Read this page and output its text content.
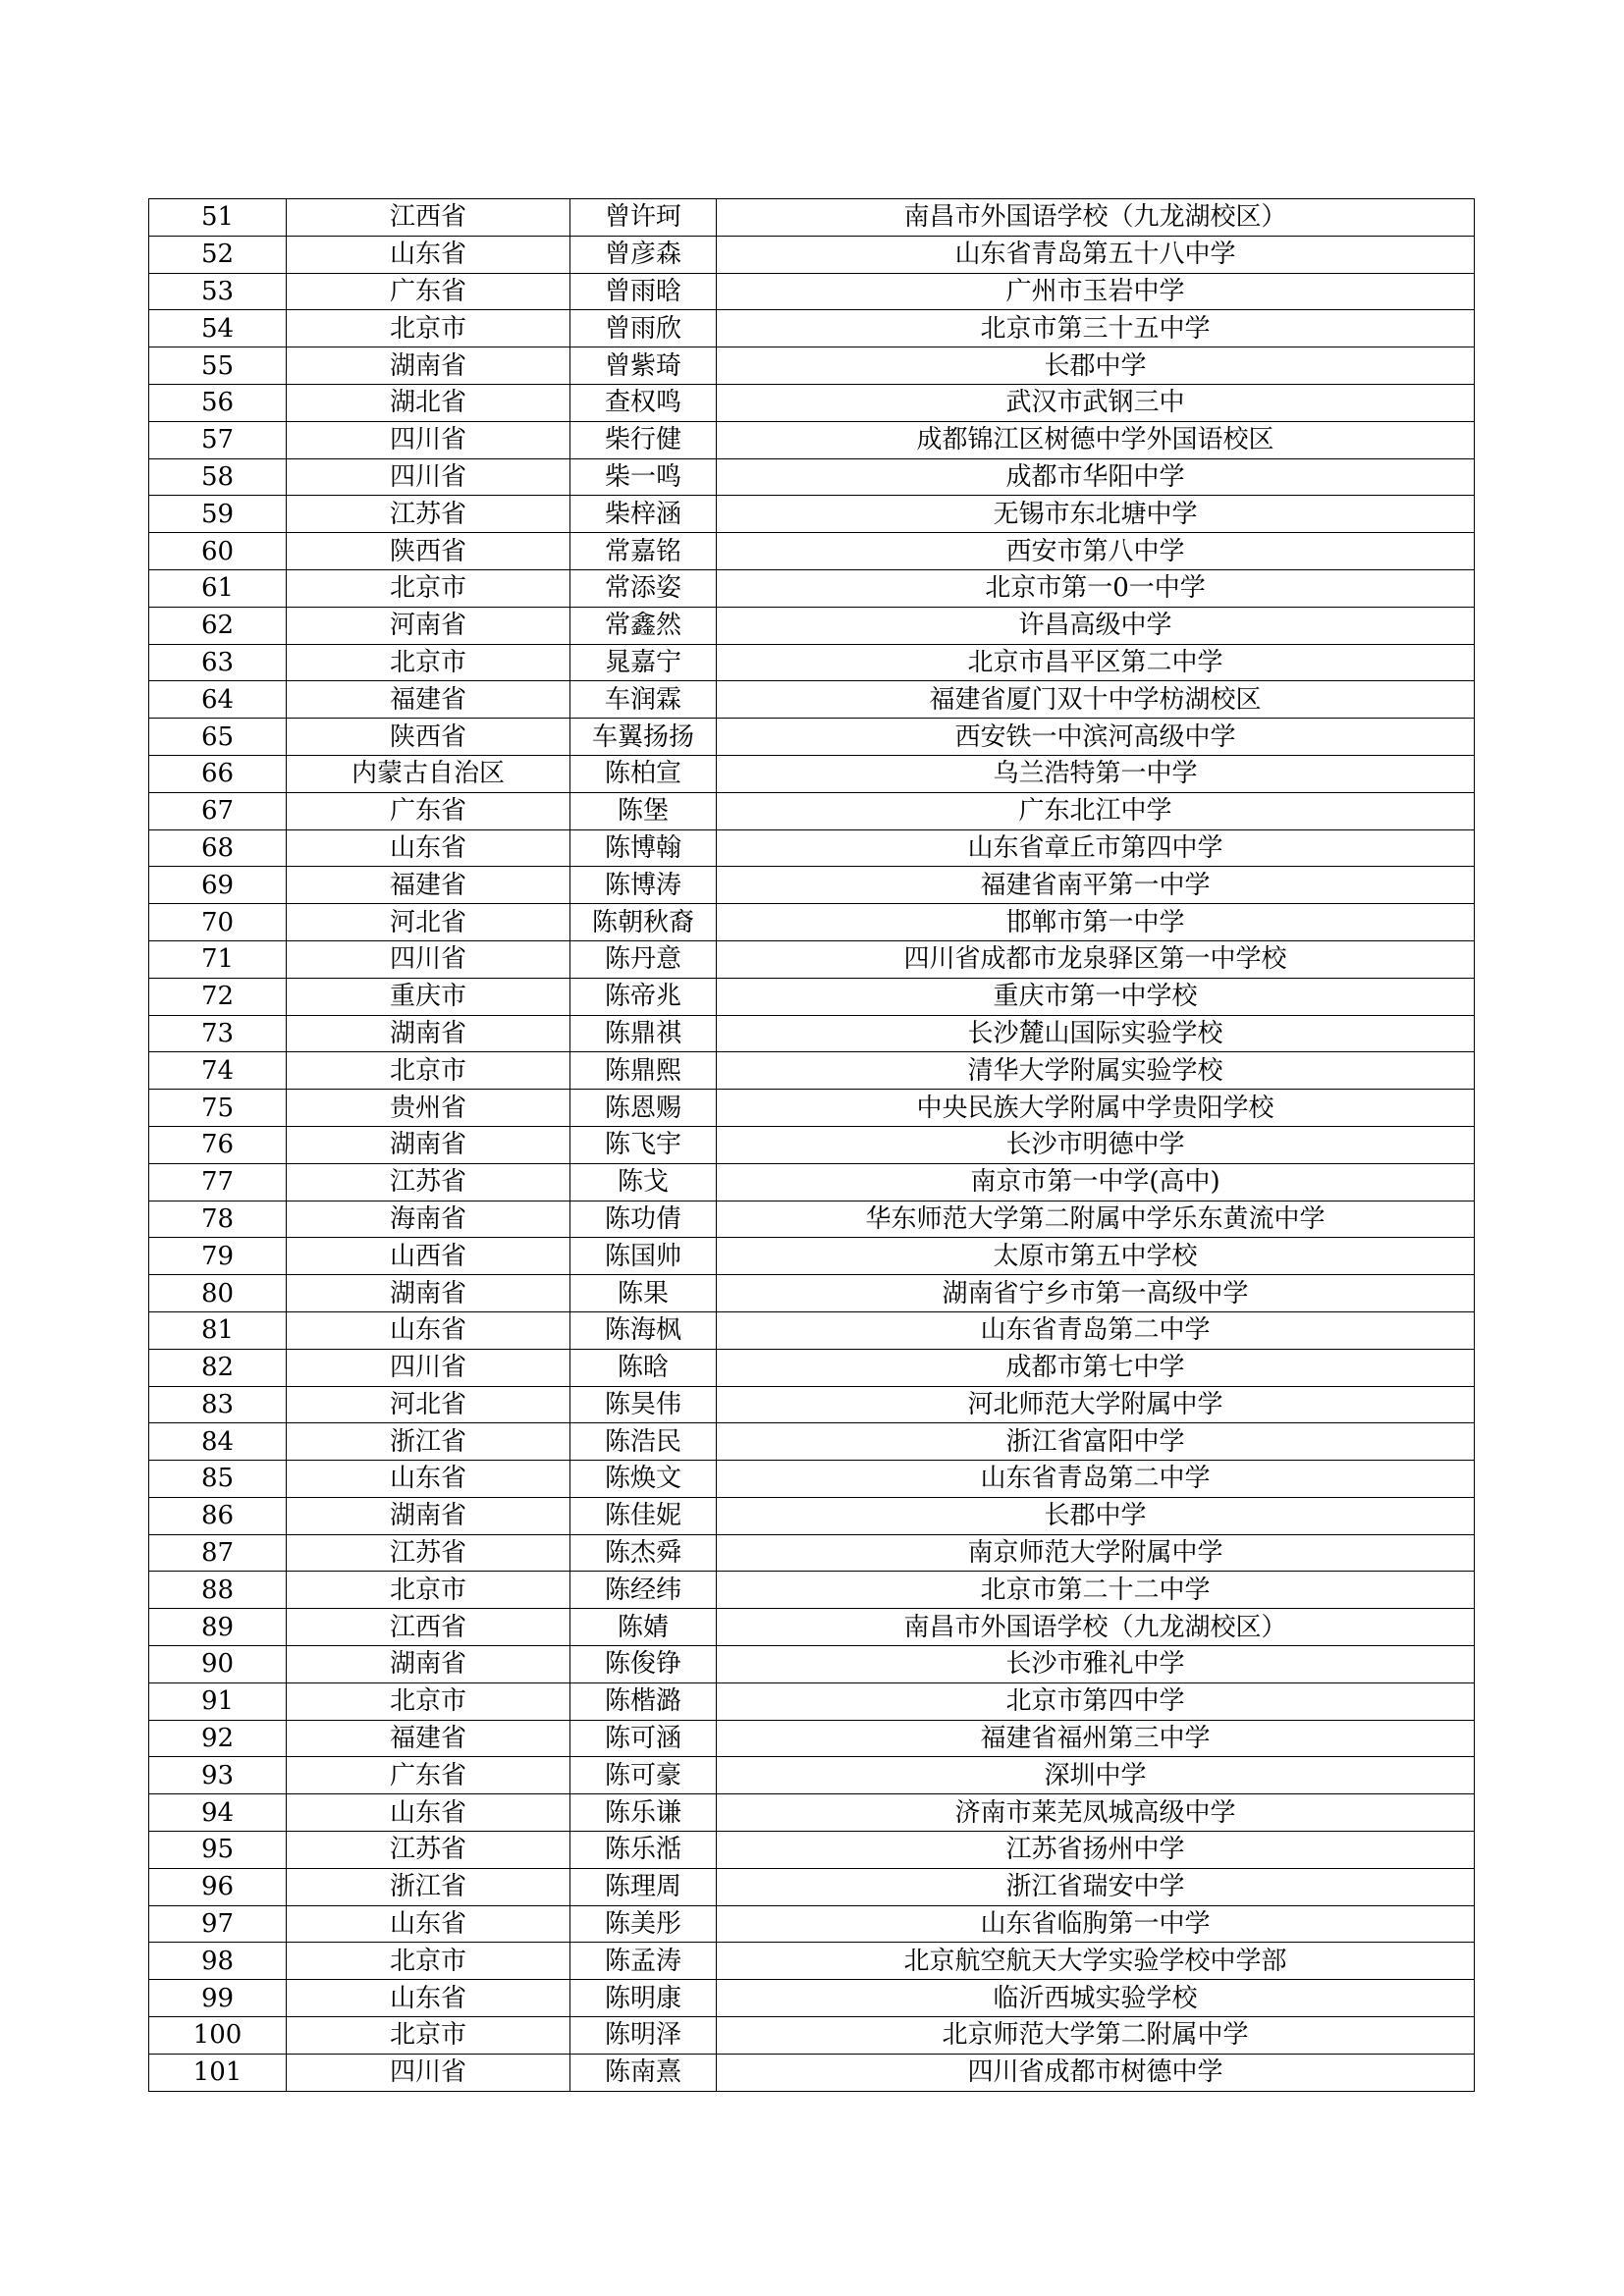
51	江西省	曾许珂	南昌市外国语学校（九龙湖校区）
52	山东省	曾彦森	山东省青岛第五十八中学
53	广东省	曾雨晗	广州市玉岩中学
54	北京市	曾雨欣	北京市第三十五中学
55	湖南省	曾紫琦	长郡中学
56	湖北省	查权鸣	武汉市武钢三中
57	四川省	柴行健	成都锦江区树德中学外国语校区
58	四川省	柴一鸣	成都市华阳中学
59	江苏省	柴梓涵	无锡市东北塘中学
60	陕西省	常嘉铭	西安市第八中学
61	北京市	常添姿	北京市第一0一中学
62	河南省	常鑫然	许昌高级中学
63	北京市	晁嘉宁	北京市昌平区第二中学
64	福建省	车润霖	福建省厦门双十中学枋湖校区
65	陕西省	车翼扬扬	西安铁一中滨河高级中学
66	内蒙古自治区	陈柏宣	乌兰浩特第一中学
67	广东省	陈堡	广东北江中学
68	山东省	陈博翰	山东省章丘市第四中学
69	福建省	陈博涛	福建省南平第一中学
70	河北省	陈朝秋裔	邯郸市第一中学
71	四川省	陈丹意	四川省成都市龙泉驿区第一中学校
72	重庆市	陈帝兆	重庆市第一中学校
73	湖南省	陈鼎祺	长沙麓山国际实验学校
74	北京市	陈鼎熙	清华大学附属实验学校
75	贵州省	陈恩赐	中央民族大学附属中学贵阳学校
76	湖南省	陈飞宇	长沙市明德中学
77	江苏省	陈戈	南京市第一中学(高中)
78	海南省	陈功倩	华东师范大学第二附属中学乐东黄流中学
79	山西省	陈国帅	太原市第五中学校
80	湖南省	陈果	湖南省宁乡市第一高级中学
81	山东省	陈海枫	山东省青岛第二中学
82	四川省	陈晗	成都市第七中学
83	河北省	陈昊伟	河北师范大学附属中学
84	浙江省	陈浩民	浙江省富阳中学
85	山东省	陈焕文	山东省青岛第二中学
86	湖南省	陈佳妮	长郡中学
87	江苏省	陈杰舜	南京师范大学附属中学
88	北京市	陈经纬	北京市第二十二中学
89	江西省	陈婧	南昌市外国语学校（九龙湖校区）
90	湖南省	陈俊铮	长沙市雅礼中学
91	北京市	陈楷潞	北京市第四中学
92	福建省	陈可涵	福建省福州第三中学
93	广东省	陈可豪	深圳中学
94	山东省	陈乐谦	济南市莱芜凤城高级中学
95	江苏省	陈乐湉	江苏省扬州中学
96	浙江省	陈理周	浙江省瑞安中学
97	山东省	陈美彤	山东省临朐第一中学
98	北京市	陈孟涛	北京航空航天大学实验学校中学部
99	山东省	陈明康	临沂西城实验学校
100	北京市	陈明泽	北京师范大学第二附属中学
101	四川省	陈南熹	四川省成都市树德中学
